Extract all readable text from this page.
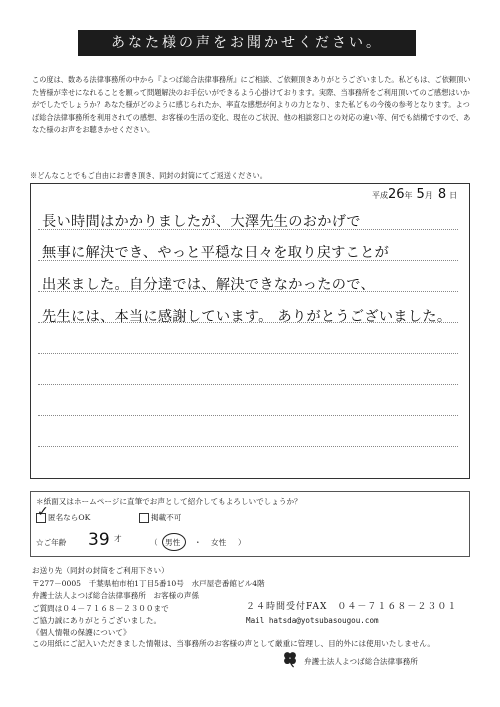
あなた様の声をお聞かせください。

この度は、数ある法律事務所の中から『よつば総合法律事務所』にご相談、ご依頼頂きありがとうございました。私どもは、ご依頼頂いた皆様が幸せになれることを願って問題解決のお手伝いができるよう心掛けております。実際、当事務所をご利用頂いてのご感想はいかがでしたでしょうか？あなた様がどのように感じられたか、率直な感想が何よりの力となり、また私どもの今後の参考となります。よつば総合法律事務所を利用されての感想、お客様の生活の変化、現在のご状況、他の相談窓口との対応の違い等、何でも結構ですので、あなた様のお声をお聴きかせください。

※どんなことでもご自由にお書き頂き、同封の封筒にてご返送ください。
平成26年 5月 8 日
長い時間はかかりましたが、大澤先生のおかげで
無事に解決でき、やっと平穏な日々を取り戻すことが
出来ました。自分達では、解決できなかったので、
先生には、本当に感謝しています。 ありがとうございました。
＊紙面又はホームページに直筆でお声として紹介してもよろしいでしょうか？
匿名ならOK
✓	掲載不可
☆ご年齢 39 才	（ 男性 ・ 女性 ）
お送り先（同封の封筒をご利用下さい）
〒277－0005　千葉県柏市柏1丁目5番10号　水戸屋壱番館ビル4階
弁護士法人よつば総合法律事務所　お客様の声係
ご質問は０４－７１６８－２３００まで	２４時間受付FAX　０４－７１６８－２３０１
ご協力誠にありがとうございました。	Mail hatsda@yotsubasougou.com
《個人情報の保護について》
この用紙にご記入いただきました情報は、当事務所のお客様の声として厳重に管理し、目的外には使用いたしません。
弁護士法人よつば総合法律事務所
